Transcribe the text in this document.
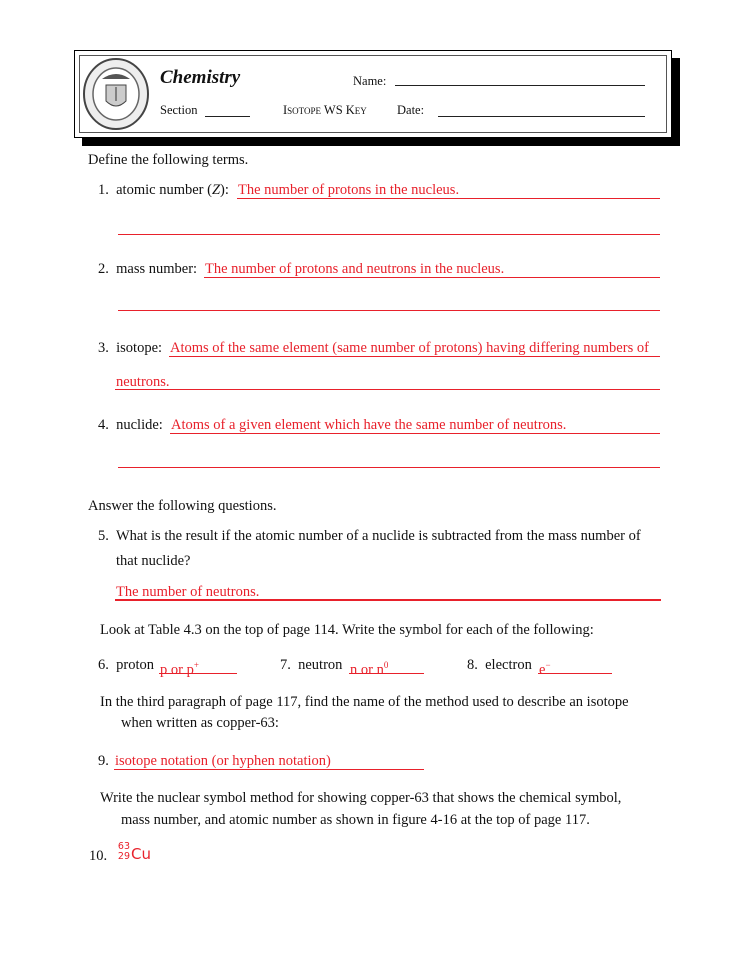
Chemistry	Name:
Section	Isotope WS Key Date:
Define the following terms.
1. atomic number (Z): The number of protons in the nucleus.
2. mass number: The number of protons and neutrons in the nucleus.
3. isotope: Atoms of the same element (same number of protons) having differing numbers of
neutrons.
4. nuclide: Atoms of a given element which have the same number of neutrons.
Answer the following questions.
5. What is the result if the atomic number of a nuclide is subtracted from the mass number of
that nuclide?
The number of neutrons.
Look at Table 4.3 on the top of page 114. Write the symbol for each of the following:
6. proton p or p+	7. neutron n or $n^0$	8. electron e−
In the third paragraph of page 117, find the name of the method used to describe an isotope
when written as copper-63:
9. isotope notation (or hyphen notation)
Write the nuclear symbol method for showing copper-63 that shows the chemical symbol,
mass number, and atomic number as shown in figure 4-16 at the top of page 117.
10.
63
29 Cu
